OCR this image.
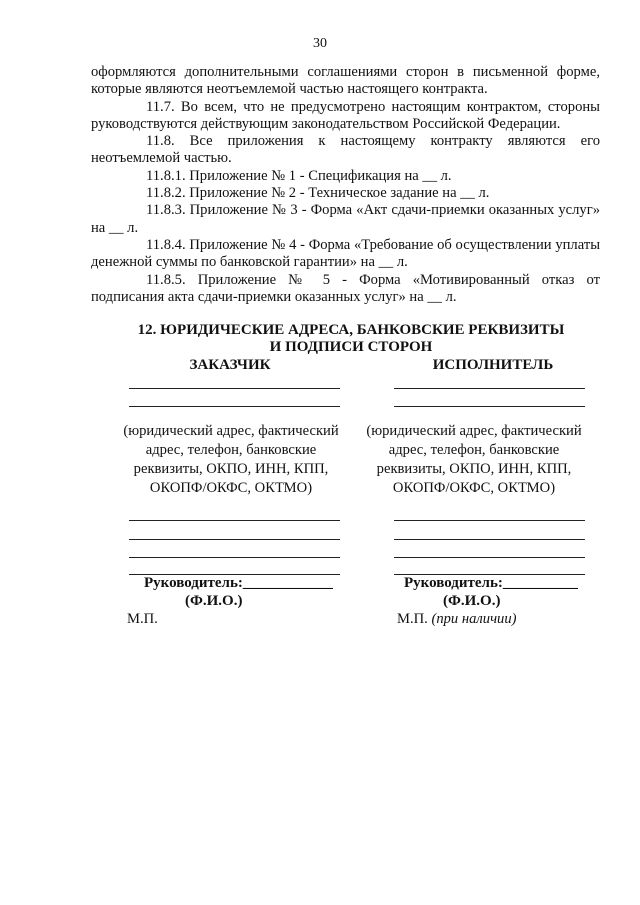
30

оформляются дополнительными соглашениями сторон в письменной форме, которые являются неотъемлемой частью настоящего контракта.

11.7. Во всем, что не предусмотрено настоящим контрактом, стороны руководствуются действующим законодательством Российской Федерации.

11.8. Все приложения к настоящему контракту являются его неотъемлемой частью.

11.8.1. Приложение № 1 - Спецификация на __ л.

11.8.2. Приложение № 2 - Техническое задание на __ л.

11.8.3. Приложение № 3 - Форма «Акт сдачи-приемки оказанных услуг» на __ л.

11.8.4. Приложение № 4 - Форма «Требование об осуществлении уплаты денежной суммы по банковской гарантии» на __ л.

11.8.5. Приложение № 5 - Форма «Мотивированный отказ от подписания акта сдачи-приемки оказанных услуг» на __ л.

12. ЮРИДИЧЕСКИЕ АДРЕСА, БАНКОВСКИЕ РЕКВИЗИТЫ
И ПОДПИСИ СТОРОН
ЗАКАЗЧИК
(юридический адрес, фактический адрес, телефон, банковские реквизиты, ОКПО, ИНН, КПП, ОКОПФ/ОКФС, ОКТМО)
Руководитель:____________
(Ф.И.О.)
М.П.
ИСПОЛНИТЕЛЬ
(юридический адрес, фактический адрес, телефон, банковские реквизиты, ОКПО, ИНН, КПП, ОКОПФ/ОКФС, ОКТМО)
Руководитель:__________
(Ф.И.О.)
М.П. (при наличии)
